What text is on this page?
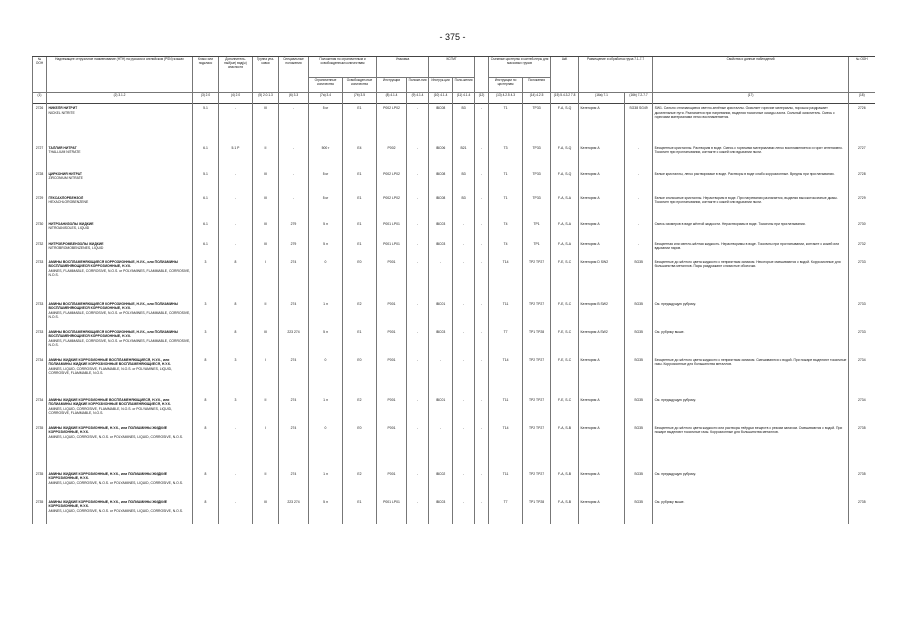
- 375 -
№ ООН	Надлежащее отгрузочное наименование (НТН) на русском и английском (PSN) языках	Класс или подкласс	Дополнитель-ный(ые) вид(ы) опасности	Группа упа-ковки	Специальные положения	Положения по ограниченным и освобожденным количествам		Упаковка		КСГМГ			Съемные цистерны и контей-неры для массовых грузов		АкК	Размещение и обработка груза 7.1-7.7		Свойства и данные наблюдений	№ ООН
						Ограниченные количества	Освобожден-ные количества	Инструкции	Положе-ния	Инструк-ции	Поло-жения		Инструкции по цистернам	Положения					
(1)	(2) 3.1.2	(3) 2.0	(4) 2.0	(5) 2.0.1.3	(6) 3.3	(7a) 3.4	(7b) 3.5	(8) 4.1.4	(9) 4.1.4	(10) 4.1.4	(11) 4.1.4	(12)	(13) 4.2.5 4.3	(14) 4.2.5	(15) 5.4.3.2 7.8	(16a) 7.1	(16b) 7.2-7.7	(17)	(18)
2726	НИКЕЛЯ НИТРИТ
NICKEL NITRITE	5.1	-	III	-	5 кг	E1	P002 LP02	-	IBC08	B3	-	T1	TP33	F-A, S-Q	Категория A	SG38 SG49	SW1. Сильно отличающиеся светло-зелёные кристаллы. Окисляет горючие материалы, порошок раздражает дыхательные пути. Разлагается при нагревании, выделяя токсичные оксиды азота. Сильный окислитель. Смесь с горючими материалами легко воспламеняется.	2726
2727	ТАЛЛИЯ НИТРАТ
THALLIUM NITRATE	6.1	5.1 P	II	-	500 г	E4	P002	-	IBC06	B21	-	T3	TP33	F-A, S-Q	Категория A	-	Бесцветные кристаллы. Растворим в воде. Смесь с горючими материалами легко воспламеняется и горит интенсивно. Токсичен при проглатывании, контакте с кожей или вдыхании пыли.	2727
2728	ЦИРКОНИЯ НИТРАТ
ZIRCONIUM NITRATE	5.1	-	III	-	5 кг	E1	P002 LP02	-	IBC08	B3	-	T1	TP33	F-A, S-Q	Категория A	-	Белые кристаллы, легко растворимые в воде. Растворы в воде слабо коррозионные. Вредны при проглатывании.	2728
2729	ГЕКСАХЛОРБЕНЗОЛ
HEXACHLOROBENZENE	6.1	-	III	-	5 кг	E1	P002 LP02	-	IBC08	B3	-	T1	TP33	F-A, S-A	Категория A	-	Белые игольчатые кристаллы. Нерастворим в воде. При нагревании разлагается, выделяя высокотоксичные дымы. Токсичен при проглатывании, контакте с кожей или вдыхании пыли.	2729
2730	НИТРОАНИЗОЛЫ ЖИДКИЕ
NITROANISOLES, LIQUID	6.1	-	III	279	5 л	E1	P001 LP01	-	IBC03	-	-	T4	TP1	F-A, S-A	Категория A	-	Смесь изомеров в виде жёлтой жидкости. Нерастворимы в воде. Токсичны при проглатывании.	2730
2732	НИТРОБРОМБЕНЗОЛЫ ЖИДКИЕ
NITROBROMOBENZENES, LIQUID	6.1	-	III	279	5 л	E1	P001 LP01	-	IBC03	-	-	T4	TP1	F-A, S-A	Категория A	-	Бесцветная или светло-жёлтая жидкость. Нерастворимы в воде. Токсичны при проглатывании, контакте с кожей или вдыхании паров.	2732
2733	АМИНЫ ВОСПЛАМЕНЯЮЩИЕСЯ КОРРОЗИОННЫЕ, Н.У.К., или ПОЛИАМИНЫ ВОСПЛАМЕНЯЮЩИЕСЯ КОРРОЗИОННЫЕ, Н.У.К.
AMINES, FLAMMABLE, CORROSIVE, N.O.S. or POLYAMINES, FLAMMABLE, CORROSIVE, N.O.S.	3	8	I	274	0	E0	P001	-	-	-	-	T14	TP2 TP27	F-E, S-C	Категория D SW2	SG35	Бесцветные до жёлтого цвета жидкости с неприятным запахом. Некоторые смешиваются с водой. Коррозионные для большинства металлов. Пары раздражают слизистые оболочки.	2733
2733	АМИНЫ ВОСПЛАМЕНЯЮЩИЕСЯ КОРРОЗИОННЫЕ, Н.У.К., или ПОЛИАМИНЫ ВОСПЛАМЕНЯЮЩИЕСЯ КОРРОЗИОННЫЕ, Н.У.К.
AMINES, FLAMMABLE, CORROSIVE, N.O.S. or POLYAMINES, FLAMMABLE, CORROSIVE, N.O.S.	3	8	II	274	1 л	E2	P001	-	IBC01	-	-	T11	TP2 TP27	F-E, S-C	Категория B SW2	SG35	См. предыдущую рубрику.	2733
2733	АМИНЫ ВОСПЛАМЕНЯЮЩИЕСЯ КОРРОЗИОННЫЕ, Н.У.К., или ПОЛИАМИНЫ ВОСПЛАМЕНЯЮЩИЕСЯ КОРРОЗИОННЫЕ, Н.У.К.
AMINES, FLAMMABLE, CORROSIVE, N.O.S. or POLYAMINES, FLAMMABLE, CORROSIVE, N.O.S.	3	8	III	223 274	5 л	E1	P001	-	IBC03	-	-	T7	TP1 TP28	F-E, S-C	Категория A SW2	SG35	См. рубрику выше.	2733
2734	АМИНЫ ЖИДКИЕ КОРРОЗИОННЫЕ ВОСПЛАМЕНЯЮЩИЕСЯ, Н.У.К., или ПОЛИАМИНЫ ЖИДКИЕ КОРРОЗИОННЫЕ ВОСПЛАМЕНЯЮЩИЕСЯ, Н.У.К.
AMINES, LIQUID, CORROSIVE, FLAMMABLE, N.O.S. or POLYAMINES, LIQUID, CORROSIVE, FLAMMABLE, N.O.S.	8	3	I	274	0	E0	P001	-	-	-	-	T14	TP2 TP27	F-E, S-C	Категория A	SG35	Бесцветные до жёлтого цвета жидкости с неприятным запахом. Смешиваются с водой. При пожаре выделяют токсичные газы. Коррозионные для большинства металлов.	2734
2734	АМИНЫ ЖИДКИЕ КОРРОЗИОННЫЕ ВОСПЛАМЕНЯЮЩИЕСЯ, Н.У.К., или ПОЛИАМИНЫ ЖИДКИЕ КОРРОЗИОННЫЕ ВОСПЛАМЕНЯЮЩИЕСЯ, Н.У.К.
AMINES, LIQUID, CORROSIVE, FLAMMABLE, N.O.S. or POLYAMINES, LIQUID, CORROSIVE, FLAMMABLE, N.O.S.	8	3	II	274	1 л	E2	P001	-	IBC01	-	-	T11	TP2 TP27	F-E, S-C	Категория A	SG35	См. предыдущую рубрику.	2734
2735	АМИНЫ ЖИДКИЕ КОРРОЗИОННЫЕ, Н.У.К., или ПОЛИАМИНЫ ЖИДКИЕ КОРРОЗИОННЫЕ, Н.У.К.
AMINES, LIQUID, CORROSIVE, N.O.S. or POLYAMINES, LIQUID, CORROSIVE, N.O.S.	8	-	I	274	0	E0	P001	-	-	-	-	T14	TP2 TP27	F-A, S-B	Категория A	SG35	Бесцветные до жёлтого цвета жидкости или растворы твёрдых веществ с резким запахом. Смешиваются с водой. При пожаре выделяют токсичные газы. Коррозионные для большинства металлов.	2735
2735	АМИНЫ ЖИДКИЕ КОРРОЗИОННЫЕ, Н.У.К., или ПОЛИАМИНЫ ЖИДКИЕ КОРРОЗИОННЫЕ, Н.У.К.
AMINES, LIQUID, CORROSIVE, N.O.S. or POLYAMINES, LIQUID, CORROSIVE, N.O.S.	8	-	II	274	1 л	E2	P001	-	IBC02	-	-	T11	TP2 TP27	F-A, S-B	Категория A	SG35	См. предыдущую рубрику.	2735
2735	АМИНЫ ЖИДКИЕ КОРРОЗИОННЫЕ, Н.У.К., или ПОЛИАМИНЫ ЖИДКИЕ КОРРОЗИОННЫЕ, Н.У.К.
AMINES, LIQUID, CORROSIVE, N.O.S. or POLYAMINES, LIQUID, CORROSIVE, N.O.S.	8	-	III	223 274	5 л	E1	P001 LP01	-	IBC03	-	-	T7	TP1 TP28	F-A, S-B	Категория A	SG35	См. рубрику выше.	2735
